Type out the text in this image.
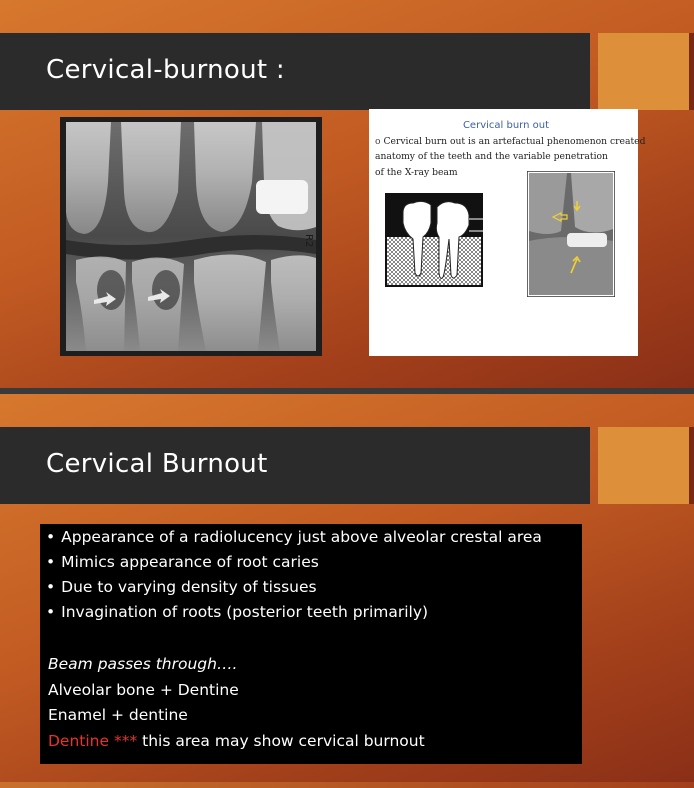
Cervical-burnout :
R2
Cervical burn out
o Cervical burn out is an artefactual phenomenon created
anatomy of the teeth and the variable penetration
of the X-ray beam
Cervical Burnout
• Appearance of a radiolucency just above alveolar crestal area
• Mimics appearance of root caries
• Due to varying density of tissues
• Invagination of roots (posterior teeth primarily)
Beam passes through….
Alveolar bone + Dentine
Enamel + dentine
Dentine *** this area may show cervical burnout
